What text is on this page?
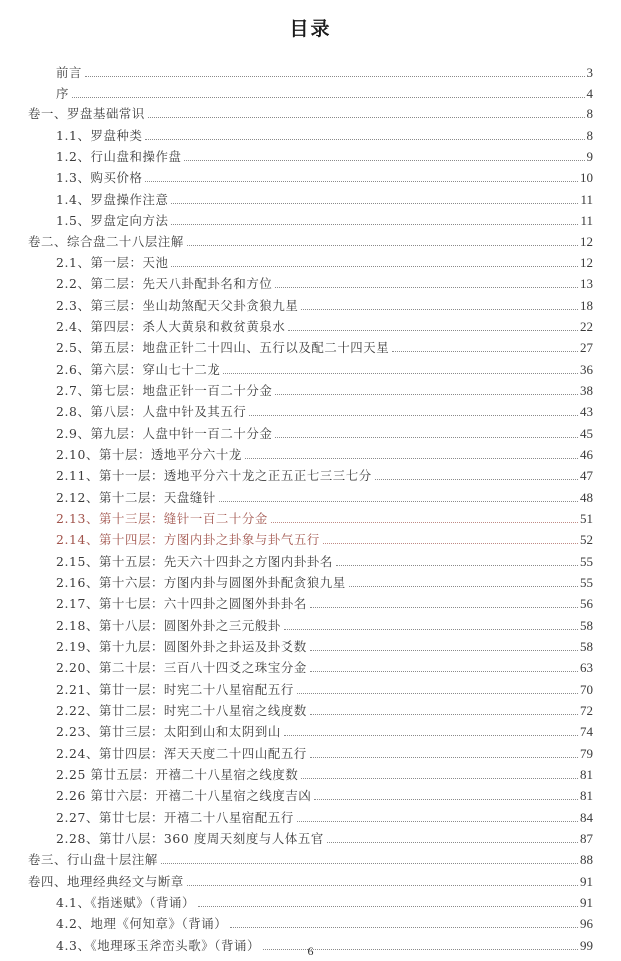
目录
前言	3
序	4
卷一、罗盘基础常识	8
1.1、罗盘种类	8
1.2、行山盘和操作盘	9
1.3、购买价格	10
1.4、罗盘操作注意	11
1.5、罗盘定向方法	11
卷二、综合盘二十八层注解	12
2.1、第一层：天池	12
2.2、第二层：先天八卦配卦名和方位	13
2.3、第三层：坐山劫煞配天父卦贪狼九星	18
2.4、第四层：杀人大黄泉和救贫黄泉水	22
2.5、第五层：地盘正针二十四山、五行以及配二十四天星	27
2.6、第六层：穿山七十二龙	36
2.7、第七层：地盘正针一百二十分金	38
2.8、第八层：人盘中针及其五行	43
2.9、第九层：人盘中针一百二十分金	45
2.10、第十层：透地平分六十龙	46
2.11、第十一层：透地平分六十龙之正五正七三三七分	47
2.12、第十二层：天盘缝针	48
2.13、第十三层：缝针一百二十分金	51
2.14、第十四层：方图内卦之卦象与卦气五行	52
2.15、第十五层：先天六十四卦之方图内卦卦名	55
2.16、第十六层：方图内卦与圆图外卦配贪狼九星	55
2.17、第十七层：六十四卦之圆图外卦卦名	56
2.18、第十八层：圆图外卦之三元般卦	58
2.19、第十九层：圆图外卦之卦运及卦爻数	58
2.20、第二十层：三百八十四爻之珠宝分金	63
2.21、第廿一层：时宪二十八星宿配五行	70
2.22、第廿二层：时宪二十八星宿之线度数	72
2.23、第廿三层：太阳到山和太阴到山	74
2.24、第廿四层：浑天天度二十四山配五行	79
2.25 第廿五层：开禧二十八星宿之线度数	81
2.26 第廿六层：开禧二十八星宿之线度吉凶	81
2.27、第廿七层：开禧二十八星宿配五行	84
2.28、第廿八层：360 度周天刻度与人体五官	87
卷三、行山盘十层注解	88
卷四、地理经典经文与断章	91
4.1、《指迷赋》（背诵）	91
4.2、地理《何知章》（背诵）	96
4.3、《地理琢玉斧峦头歌》（背诵）	99
6
